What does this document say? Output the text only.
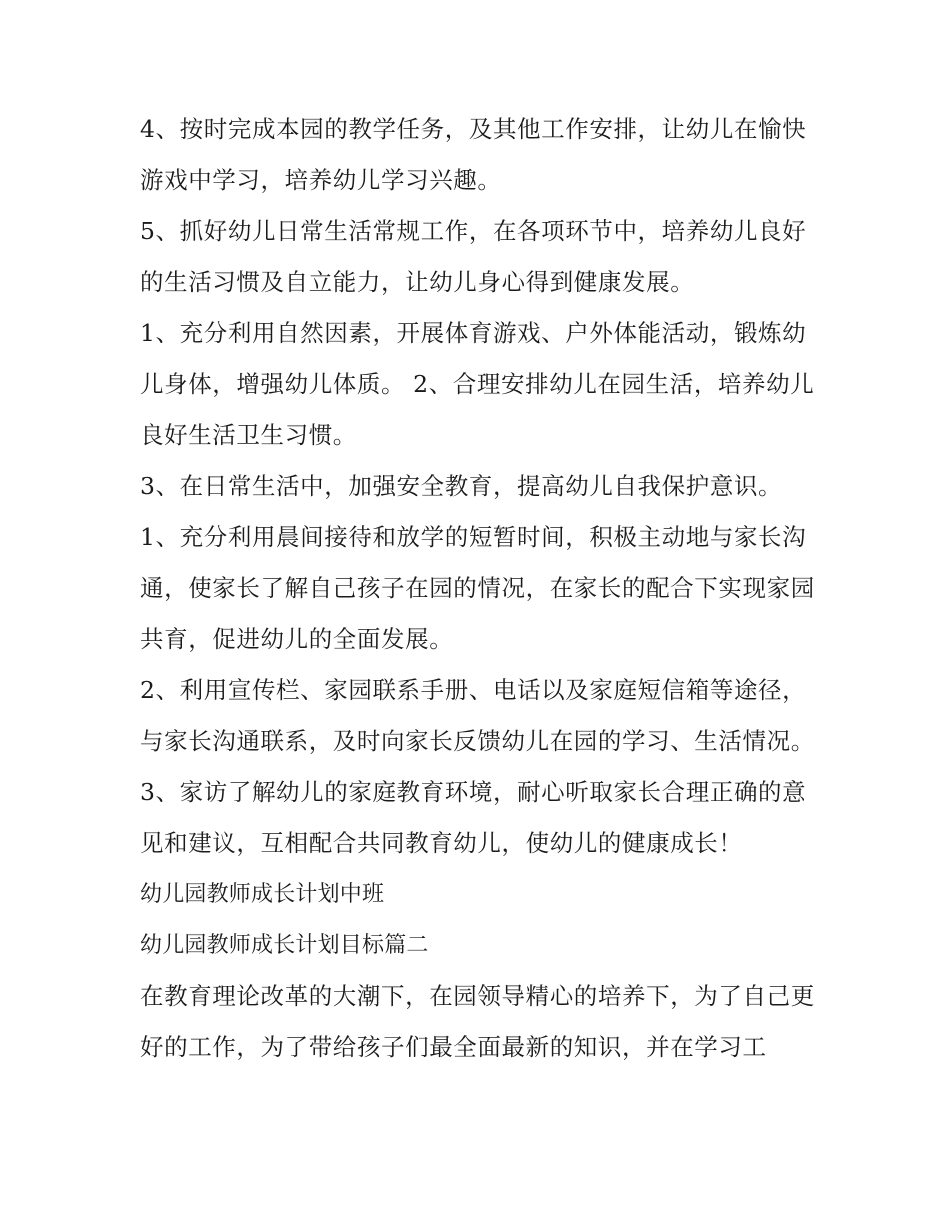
4、按时完成本园的教学任务，及其他工作安排，让幼儿在愉快游戏中学习，培养幼儿学习兴趣。

5、抓好幼儿日常生活常规工作，在各项环节中，培养幼儿良好的生活习惯及自立能力，让幼儿身心得到健康发展。

1、充分利用自然因素，开展体育游戏、户外体能活动，锻炼幼儿身体，增强幼儿体质。 2、合理安排幼儿在园生活，培养幼儿良好生活卫生习惯。

3、在日常生活中，加强安全教育，提高幼儿自我保护意识。

1、充分利用晨间接待和放学的短暂时间，积极主动地与家长沟通，使家长了解自己孩子在园的情况，在家长的配合下实现家园共育，促进幼儿的全面发展。

2、利用宣传栏、家园联系手册、电话以及家庭短信箱等途径，与家长沟通联系，及时向家长反馈幼儿在园的学习、生活情况。

3、家访了解幼儿的家庭教育环境，耐心听取家长合理正确的意见和建议，互相配合共同教育幼儿，使幼儿的健康成长！

幼儿园教师成长计划中班

幼儿园教师成长计划目标篇二

在教育理论改革的大潮下，在园领导精心的培养下，为了自己更好的工作，为了带给孩子们最全面最新的知识，并在学习工
